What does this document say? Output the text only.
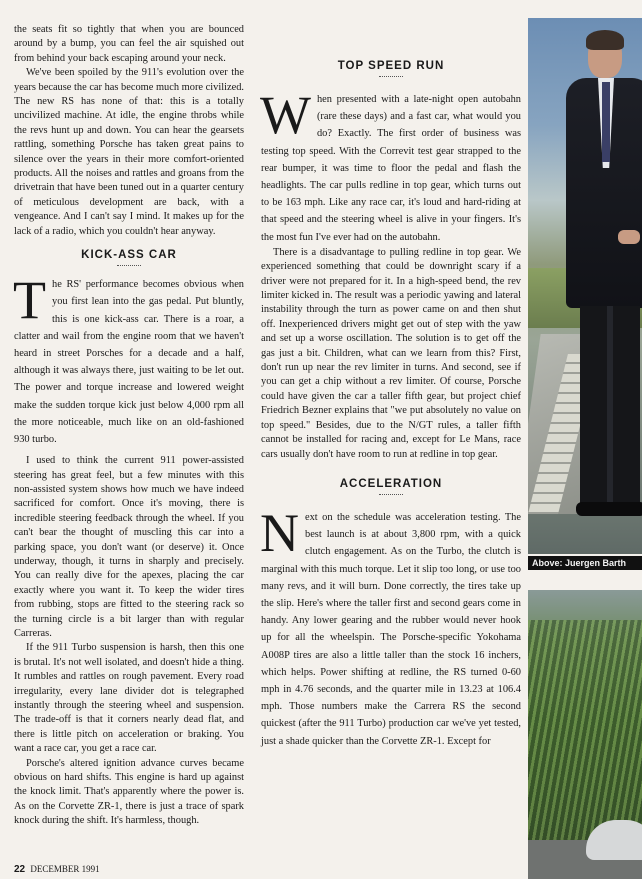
the seats fit so tightly that when you are bounced around by a bump, you can feel the air squished out from behind your back escaping around your neck.

We've been spoiled by the 911's evolution over the years because the car has become much more civilized. The new RS has none of that: this is a totally uncivilized machine. At idle, the engine throbs while the revs hunt up and down. You can hear the gearsets rattling, something Porsche has taken great pains to silence over the years in their more comfort-oriented products. All the noises and rattles and groans from the drivetrain that have been tuned out in a quarter century of meticulous development are back, with a vengeance. And I can't say I mind. It makes up for the lack of a radio, which you couldn't hear anyway.

KICK-ASS CAR

The RS' performance becomes obvious when you first lean into the gas pedal. Put bluntly, this is one kick-ass car. There is a roar, a clatter and wail from the engine room that we haven't heard in street Porsches for a decade and a half, although it was always there, just waiting to be let out. The power and torque increase and lowered weight make the sudden torque kick just below 4,000 rpm all the more noticeable, much like on an old-fashioned 930 turbo.

I used to think the current 911 power-assisted steering has great feel, but a few minutes with this non-assisted system shows how much we have indeed sacrificed for comfort. Once it's moving, there is incredible steering feedback through the wheel. If you can't bear the thought of muscling this car into a parking space, you don't want (or deserve) it. Once underway, though, it turns in sharply and precisely. You can really dive for the apexes, placing the car exactly where you want it. To keep the wider tires from rubbing, stops are fitted to the steering rack so the turning circle is a bit larger than with regular Carreras.

If the 911 Turbo suspension is harsh, then this one is brutal. It's not well isolated, and doesn't hide a thing. It rumbles and rattles on rough pavement. Every road irregularity, every lane divider dot is telegraphed instantly through the steering wheel and suspension. The trade-off is that it corners nearly dead flat, and there is little pitch on acceleration or braking. You want a race car, you get a race car.

Porsche's altered ignition advance curves became obvious on hard shifts. This engine is hard up against the knock limit. That's apparently where the power is. As on the Corvette ZR-1, there is just a trace of spark knock during the shift. It's harmless, though.

TOP SPEED RUN

When presented with a late-night open autobahn (rare these days) and a fast car, what would you do? Exactly. The first order of business was testing top speed. With the Correvit test gear strapped to the rear bumper, it was time to floor the pedal and flash the headlights. The car pulls redline in top gear, which turns out to be 163 mph. Like any race car, it's loud and hard-riding at that speed and the steering wheel is alive in your fingers. It's the most fun I've ever had on the autobahn.

There is a disadvantage to pulling redline in top gear. We experienced something that could be downright scary if a driver were not prepared for it. In a high-speed bend, the rev limiter kicked in. The result was a periodic yawing and lateral instability through the turn as power came on and then shut off. Inexperienced drivers might get out of step with the yaw and set up a worse oscillation. The solution is to get off the gas just a bit. Children, what can we learn from this? First, don't run up near the rev limiter in turns. And second, see if you can get a chip without a rev limiter. Of course, Porsche could have given the car a taller fifth gear, but project chief Friedrich Bezner explains that "we put absolutely no value on top speed." Besides, due to the N/GT rules, a taller fifth cannot be installed for racing and, except for Le Mans, race cars usually don't have room to run at redline in top gear.

ACCELERATION

Next on the schedule was acceleration testing. The best launch is at about 3,800 rpm, with a quick clutch engagement. As on the Turbo, the clutch is marginal with this much torque. Let it slip too long, or use too many revs, and it will burn. Done correctly, the tires take up the slip. Here's where the taller first and second gears come in handy. Any lower gearing and the rubber would never hook up for all the wheelspin. The Porsche-specific Yokohama A008P tires are also a little taller than the stock 16 inchers, which helps. Power shifting at redline, the RS turned 0-60 mph in 4.76 seconds, and the quarter mile in 13.23 at 106.4 mph. Those numbers make the Carrera RS the second quickest (after the 911 Turbo) production car we've yet tested, just a shade quicker than the Corvette ZR-1. Except for

Above: Juergen Barth
22 DECEMBER 1991
